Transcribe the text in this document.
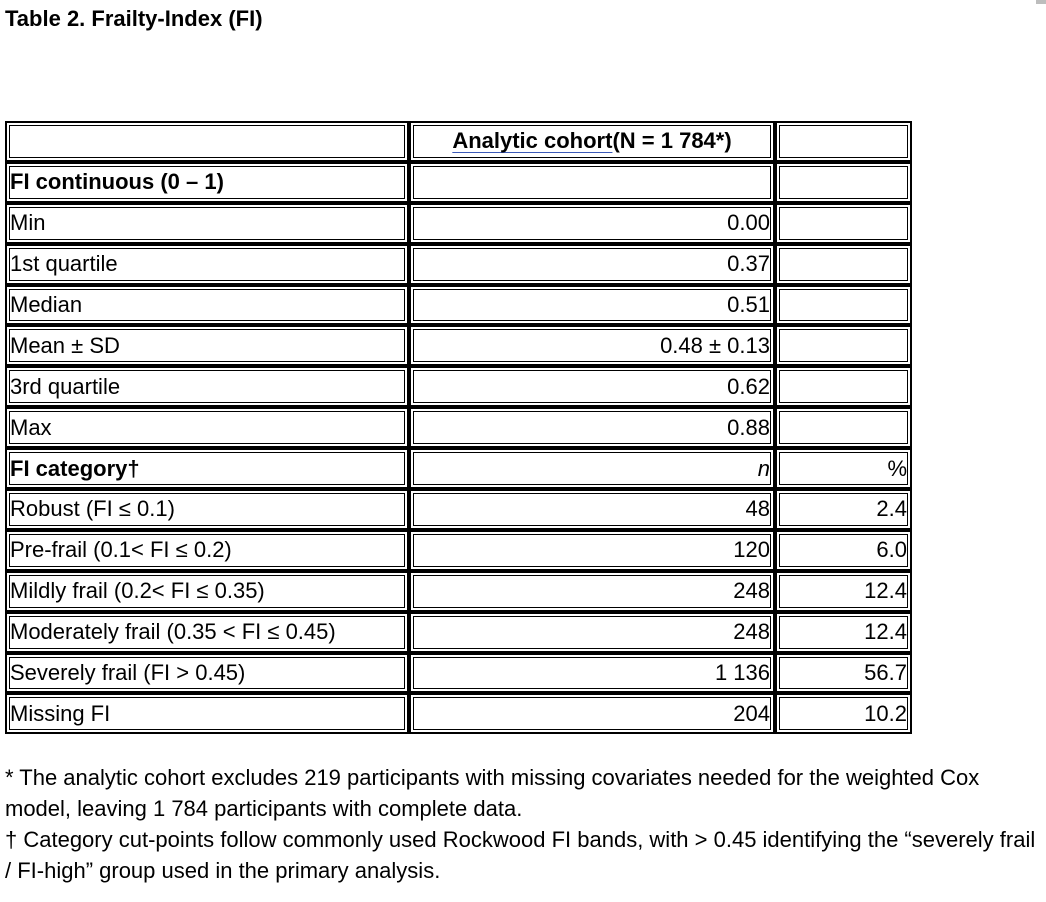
Table 2. Frailty-Index (FI)
	Analytic cohort(N = 1 784*)	
FI continuous (0 – 1)		
Min	0.00	
1st quartile	0.37	
Median	0.51	
Mean ± SD	0.48 ± 0.13	
3rd quartile	0.62	
Max	0.88	
FI category†	n	%
Robust (FI ≤ 0.1)	48	2.4
Pre-frail (0.1< FI ≤ 0.2)	120	6.0
Mildly frail (0.2< FI ≤ 0.35)	248	12.4
Moderately frail (0.35 < FI ≤ 0.45)	248	12.4
Severely frail (FI > 0.45)	1 136	56.7
Missing FI	204	10.2

* The analytic cohort excludes 219 participants with missing covariates needed for the weighted Cox model, leaving 1 784 participants with complete data.

† Category cut-points follow commonly used Rockwood FI bands, with > 0.45 identifying the “severely frail / FI-high” group used in the primary analysis.
